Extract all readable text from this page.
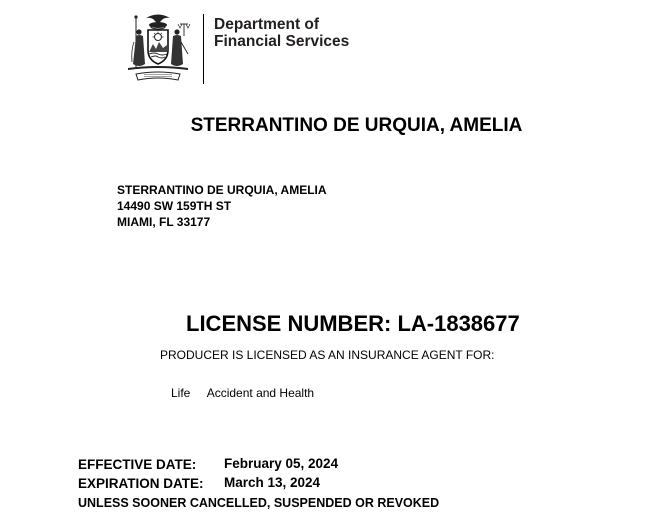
Department of
Financial Services
STERRANTINO DE URQUIA, AMELIA
STERRANTINO DE URQUIA, AMELIA
14490 SW 159TH ST
MIAMI, FL 33177
LICENSE NUMBER: LA-1838677
PRODUCER IS LICENSED AS AN INSURANCE AGENT FOR:
Life Accident and Health
EFFECTIVE DATE: February 05, 2024
EXPIRATION DATE: March 13, 2024
UNLESS SOONER CANCELLED, SUSPENDED OR REVOKED
